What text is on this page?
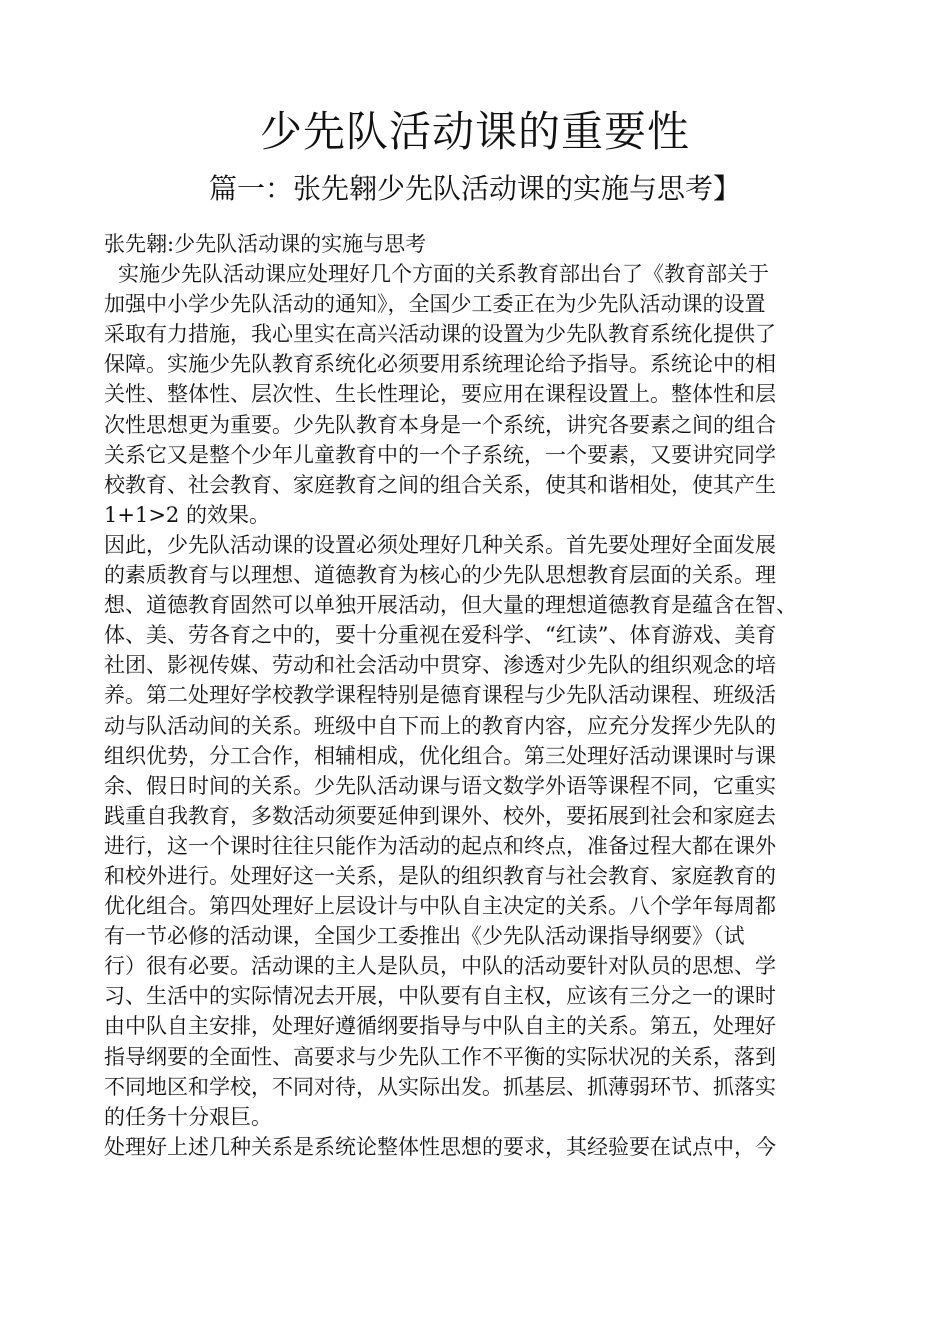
少先队活动课的重要性
篇一：张先翱少先队活动课的实施与思考】
张先翱:少先队活动课的实施与思考
实施少先队活动课应处理好几个方面的关系教育部出台了《教育部关于
加强中小学少先队活动的通知》，全国少工委正在为少先队活动课的设置
采取有力措施，我心里实在高兴活动课的设置为少先队教育系统化提供了
保障。实施少先队教育系统化必须要用系统理论给予指导。系统论中的相
关性、整体性、层次性、生长性理论，要应用在课程设置上。整体性和层
次性思想更为重要。少先队教育本身是一个系统，讲究各要素之间的组合
关系它又是整个少年儿童教育中的一个子系统，一个要素，又要讲究同学
校教育、社会教育、家庭教育之间的组合关系，使其和谐相处，使其产生
1+1>2 的效果。
因此，少先队活动课的设置必须处理好几种关系。首先要处理好全面发展
的素质教育与以理想、道德教育为核心的少先队思想教育层面的关系。理
想、道德教育固然可以单独开展活动，但大量的理想道德教育是蕴含在智、
体、美、劳各育之中的，要十分重视在爱科学、“红读”、体育游戏、美育
社团、影视传媒、劳动和社会活动中贯穿、渗透对少先队的组织观念的培
养。第二处理好学校教学课程特别是德育课程与少先队活动课程、班级活
动与队活动间的关系。班级中自下而上的教育内容，应充分发挥少先队的
组织优势，分工合作，相辅相成，优化组合。第三处理好活动课课时与课
余、假日时间的关系。少先队活动课与语文数学外语等课程不同，它重实
践重自我教育，多数活动须要延伸到课外、校外，要拓展到社会和家庭去
进行，这一个课时往往只能作为活动的起点和终点，准备过程大都在课外
和校外进行。处理好这一关系，是队的组织教育与社会教育、家庭教育的
优化组合。第四处理好上层设计与中队自主决定的关系。八个学年每周都
有一节必修的活动课，全国少工委推出《少先队活动课指导纲要》（试
行）很有必要。活动课的主人是队员，中队的活动要针对队员的思想、学
习、生活中的实际情况去开展，中队要有自主权，应该有三分之一的课时
由中队自主安排，处理好遵循纲要指导与中队自主的关系。第五，处理好
指导纲要的全面性、高要求与少先队工作不平衡的实际状况的关系，落到
不同地区和学校，不同对待，从实际出发。抓基层、抓薄弱环节、抓落实
的任务十分艰巨。
处理好上述几种关系是系统论整体性思想的要求，其经验要在试点中，今
